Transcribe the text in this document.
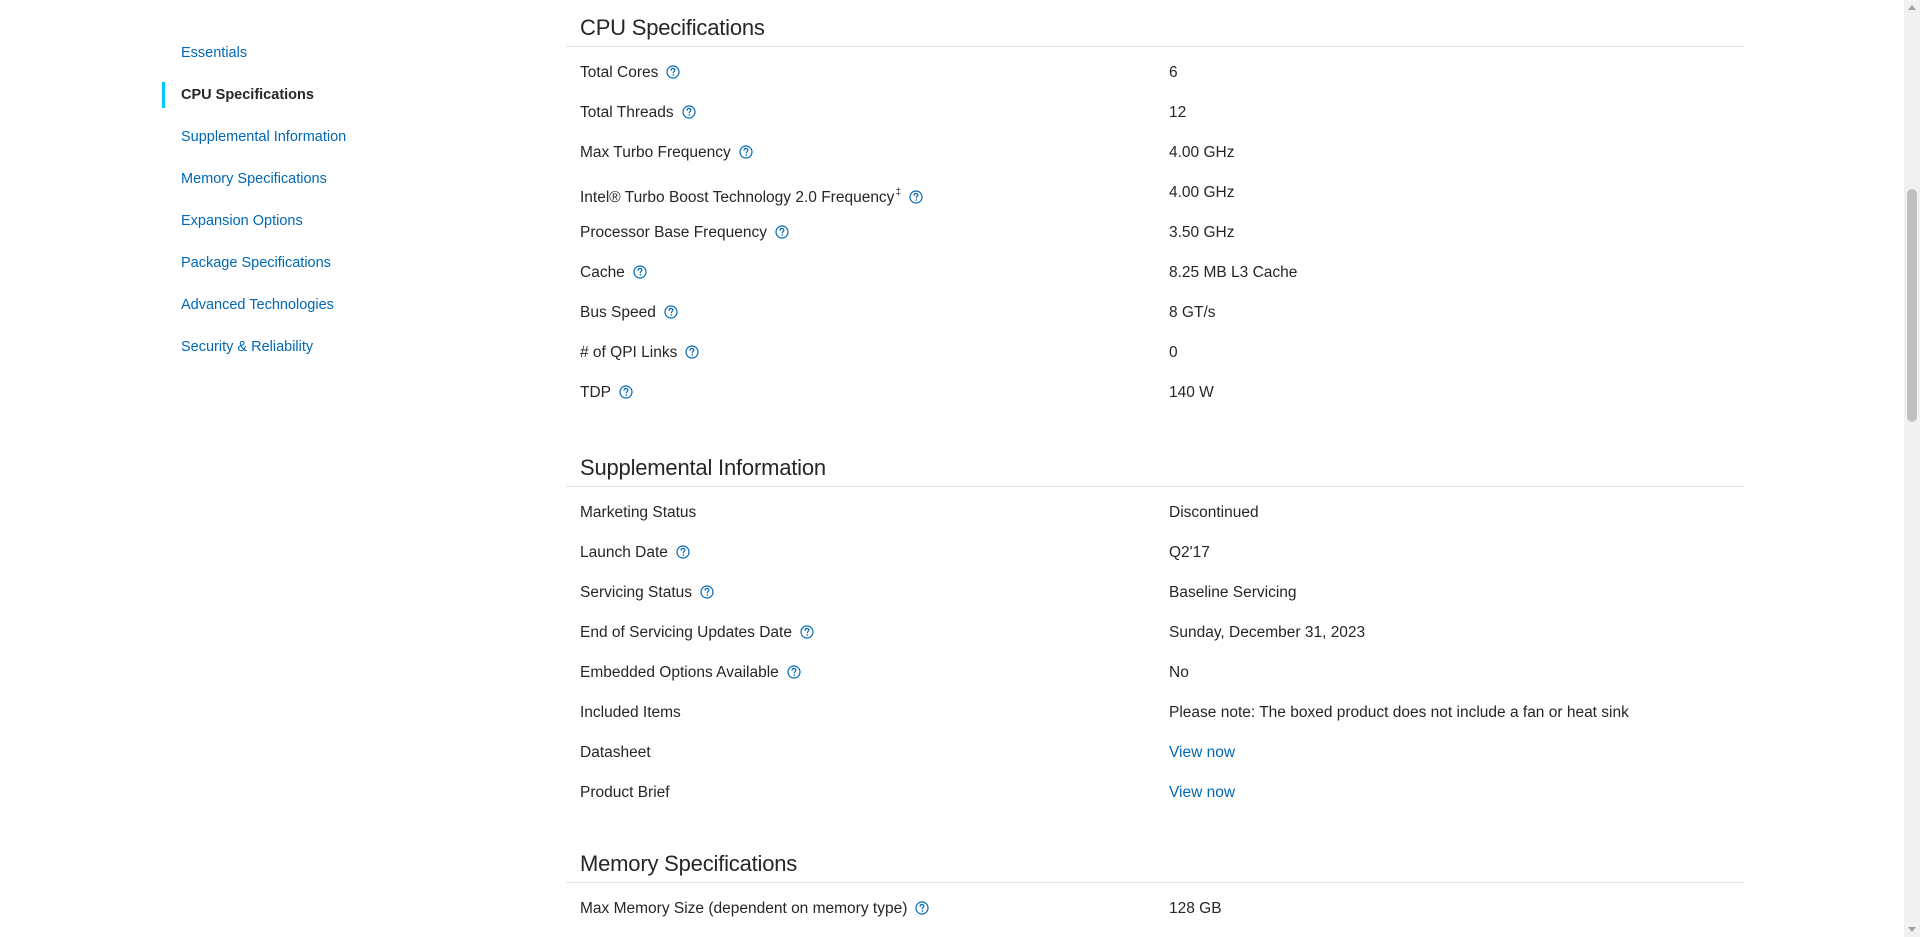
Essentials
CPU Specifications
Supplemental Information
Memory Specifications
Expansion Options
Package Specifications
Advanced Technologies
Security & Reliability
CPU Specifications
Total Cores	6
Total Threads	12
Max Turbo Frequency	4.00 GHz
Intel® Turbo Boost Technology 2.0 Frequency‡	4.00 GHz
Processor Base Frequency	3.50 GHz
Cache	8.25 MB L3 Cache
Bus Speed	8 GT/s
# of QPI Links	0
TDP	140 W
Supplemental Information
Marketing Status	Discontinued
Launch Date	Q2'17
Servicing Status	Baseline Servicing
End of Servicing Updates Date	Sunday, December 31, 2023
Embedded Options Available	No
Included Items	Please note: The boxed product does not include a fan or heat sink
Datasheet	View now
Product Brief	View now
Memory Specifications
Max Memory Size (dependent on memory type)	128 GB
